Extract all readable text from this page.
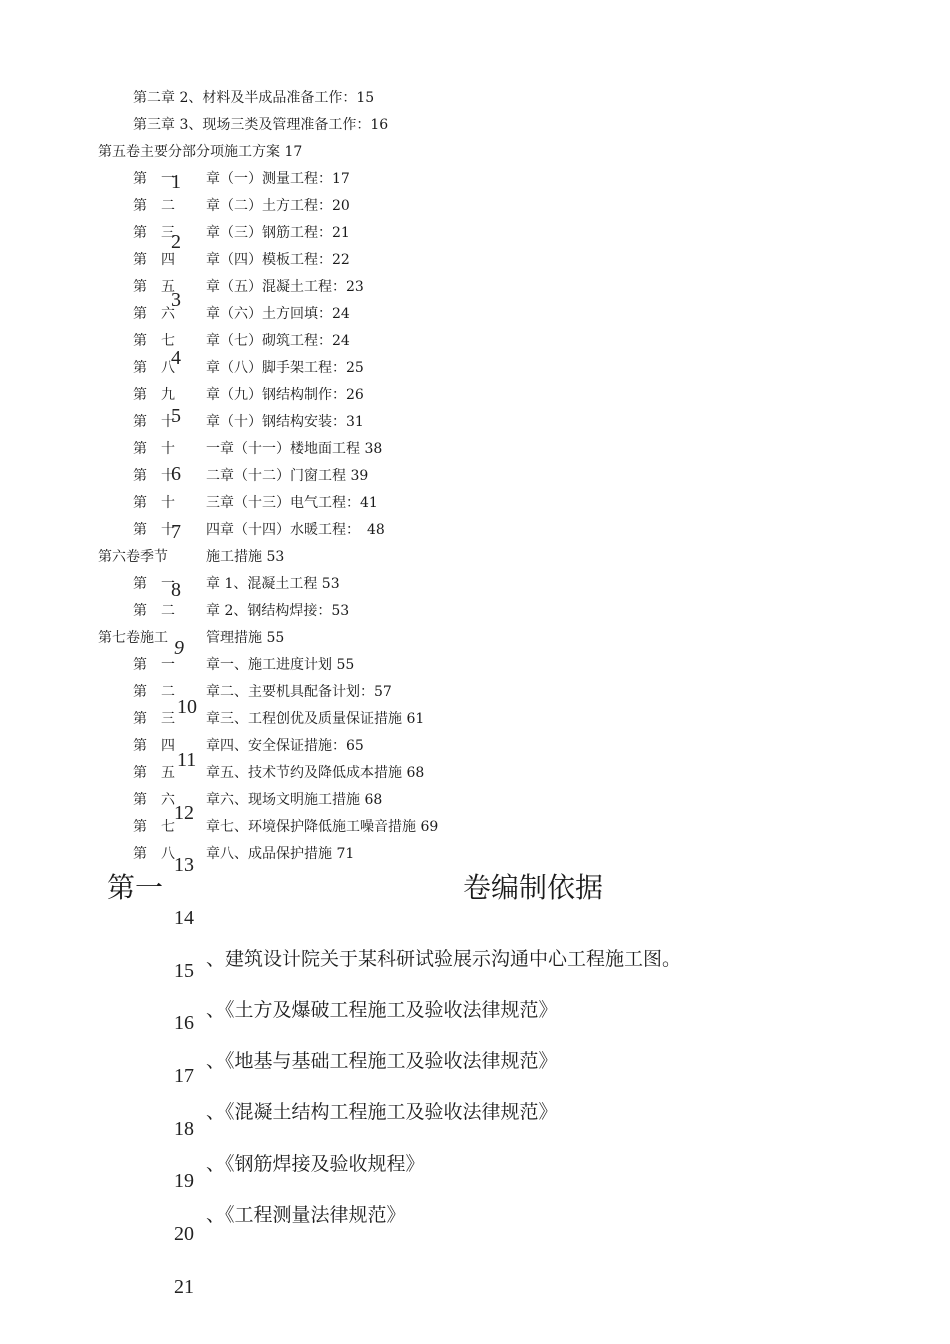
第二章 2、材料及半成品准备工作：15
第三章 3、现场三类及管理准备工作：16
第五卷主要分部分项施工方案 17
第　一 章（一）测量工程：17
第　二 章（二）土方工程：20
第　三 章（三）钢筋工程：21
第　四 章（四）模板工程：22
第　五 章（五）混凝土工程：23
第　六 章（六）土方回填：24
第　七 章（七）砌筑工程：24
第　八 章（八）脚手架工程：25
第　九 章（九）钢结构制作：26
第　十 章（十）钢结构安装：31
第　十 一章（十一）楼地面工程 38
第　十 二章（十二）门窗工程 39
第　十 三章（十三）电气工程：41
第　十 四章（十四）水暖工程：　48
第六卷季节	施工措施 53
第　一 章 1、混凝土工程 53
第　二 章 2、钢结构焊接：53
第七卷施工	管理措施 55
第　一 章一、施工进度计划 55
第　二 章二、主要机具配备计划：57
第　三 章三、工程创优及质量保证措施 61
第　四 章四、安全保证措施：65
第　五 章五、技术节约及降低成本措施 68
第　六 章六、现场文明施工措施 68
第　七 章七、环境保护降低施工噪音措施 69
第　八 章八、成品保护措施 71
1
2
3
4
5
6
7
8
9
10
11
12
13
14
15
16
17
18
19
20
21
第一	卷编制依据
、建筑设计院关于某科研试验展示沟通中心工程施工图。
、《土方及爆破工程施工及验收法律规范》
、《地基与基础工程施工及验收法律规范》
、《混凝土结构工程施工及验收法律规范》
、《钢筋焊接及验收规程》
、《工程测量法律规范》
